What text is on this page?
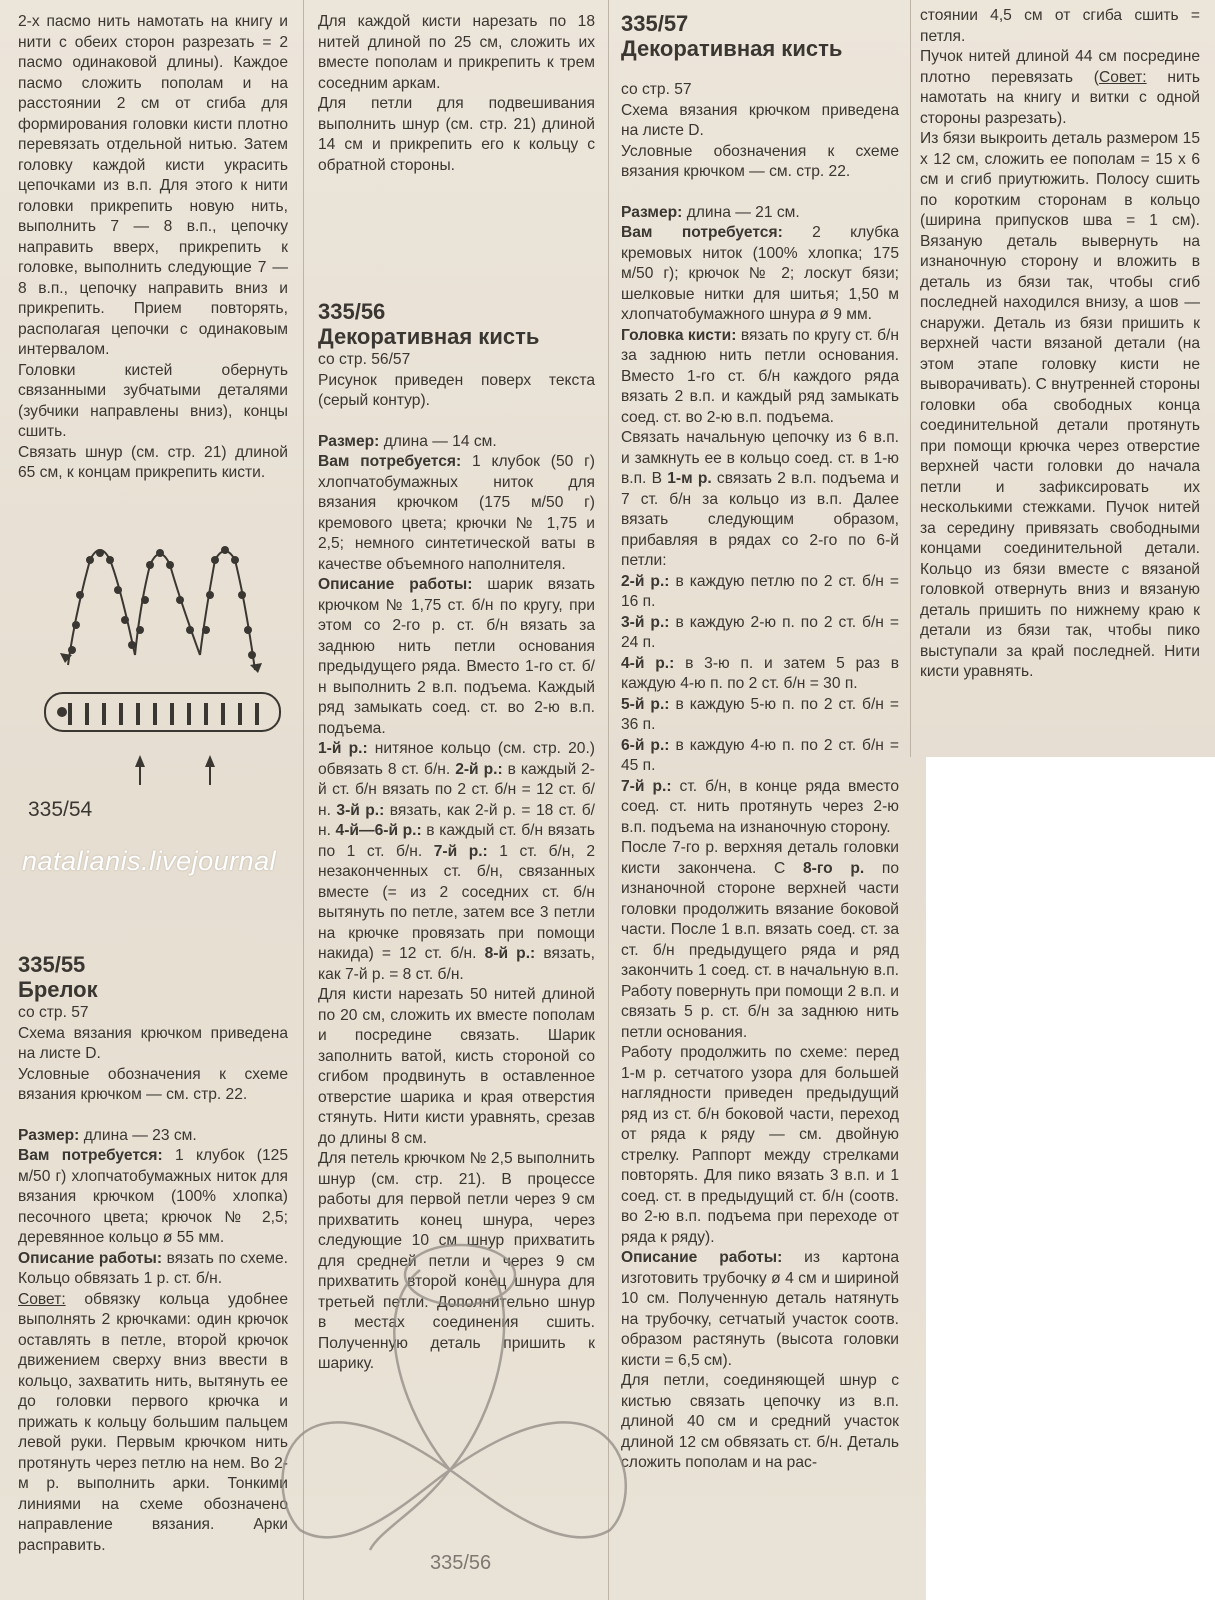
2-х пасмо нить намотать на книгу и нити с обеих сторон разрезать = 2 пасмо одинаковой длины). Каждое пасмо сложить пополам и на расстоянии 2 см от сгиба для формирования головки кисти плотно перевязать отдельной нитью. Затем головку каждой кисти украсить цепочками из в.п. Для этого к нити головки прикрепить новую нить, выполнить 7 — 8 в.п., цепочку направить вверх, прикрепить к головке, выполнить следующие 7 — 8 в.п., цепочку направить вниз и прикрепить. Прием повторять, располагая цепочки с одинаковым интервалом.

Головки кистей обернуть связанными зубчатыми деталями (зубчики направлены вниз), концы сшить.

Связать шнур (см. стр. 21) длиной 65 см, к концам прикрепить кисти.

335/54
natalianis.livejournal

335/55

Брелок

со стр. 57

Схема вязания крючком приведена на листе D.

Условные обозначения к схеме вязания крючком — см. стр. 22.

Размер: длина — 23 см.

Вам потребуется: 1 клубок (125 м/50 г) хлопчатобумажных ниток для вязания крючком (100% хлопка) песочного цвета; крючок № 2,5; деревянное кольцо ø 55 мм.

Описание работы: вязать по схеме. Кольцо обвязать 1 р. ст. б/н.

Совет: обвязку кольца удобнее выполнять 2 крючками: один крючок оставлять в петле, второй крючок движением сверху вниз ввести в кольцо, захватить нить, вытянуть ее до головки первого крючка и прижать к кольцу большим пальцем левой руки. Первым крючком нить протянуть через петлю на нем. Во 2-м р. выполнить арки. Тонкими линиями на схеме обозначено направление вязания. Арки расправить.

Для каждой кисти нарезать по 18 нитей длиной по 25 см, сложить их вместе пополам и прикрепить к трем соседним аркам.

Для петли для подвешивания выполнить шнур (см. стр. 21) длиной 14 см и прикрепить его к кольцу с обратной стороны.

335/56

Декоративная кисть

со стр. 56/57

Рисунок приведен поверх текста (серый контур).

Размер: длина — 14 см.

Вам потребуется: 1 клубок (50 г) хлопчатобумажных ниток для вязания крючком (175 м/50 г) кремового цвета; крючки № 1,75 и 2,5; немного синтетической ваты в качестве объемного наполнителя.

Описание работы: шарик вязать крючком № 1,75 ст. б/н по кругу, при этом со 2-го р. ст. б/н вязать за заднюю нить петли основания предыдущего ряда. Вместо 1-го ст. б/н выполнить 2 в.п. подъема. Каждый ряд замыкать соед. ст. во 2-ю в.п. подъема.

1-й р.: нитяное кольцо (см. стр. 20.) обвязать 8 ст. б/н. 2-й р.: в каждый 2-й ст. б/н вязать по 2 ст. б/н = 12 ст. б/н. 3-й р.: вязать, как 2-й р. = 18 ст. б/н. 4-й—6-й р.: в каждый ст. б/н вязать по 1 ст. б/н. 7-й р.: 1 ст. б/н, 2 незаконченных ст. б/н, связанных вместе (= из 2 соседних ст. б/н вытянуть по петле, затем все 3 петли на крючке провязать при помощи накида) = 12 ст. б/н. 8-й р.: вязать, как 7-й р. = 8 ст. б/н.

Для кисти нарезать 50 нитей длиной по 20 см, сложить их вместе пополам и посредине связать. Шарик заполнить ватой, кисть стороной со сгибом продвинуть в оставленное отверстие шарика и края отверстия стянуть. Нити кисти уравнять, срезав до длины 8 см.

Для петель крючком № 2,5 выполнить шнур (см. стр. 21). В процессе работы для первой петли через 9 см прихватить конец шнура, через следующие 10 см шнур прихватить для средней петли и через 9 см прихватить второй конец шнура для третьей петли. Дополнительно шнур в местах соединения сшить. Полученную деталь пришить к шарику.

335/57

Декоративная кисть

со стр. 57

Схема вязания крючком приведена на листе D.

Условные обозначения к схеме вязания крючком — см. стр. 22.

Размер: длина — 21 см.

Вам потребуется: 2 клубка кремовых ниток (100% хлопка; 175 м/50 г); крючок № 2; лоскут бязи; шелковые нитки для шитья; 1,50 м хлопчатобумажного шнура ø 9 мм.

Головка кисти: вязать по кругу ст. б/н за заднюю нить петли основания. Вместо 1-го ст. б/н каждого ряда вязать 2 в.п. и каждый ряд замыкать соед. ст. во 2-ю в.п. подъема.

Связать начальную цепочку из 6 в.п. и замкнуть ее в кольцо соед. ст. в 1-ю в.п. В 1-м р. связать 2 в.п. подъема и 7 ст. б/н за кольцо из в.п. Далее вязать следующим образом, прибавляя в рядах со 2-го по 6-й петли:

2-й р.: в каждую петлю по 2 ст. б/н = 16 п.

3-й р.: в каждую 2-ю п. по 2 ст. б/н = 24 п.

4-й р.: в 3-ю п. и затем 5 раз в каждую 4-ю п. по 2 ст. б/н = 30 п.

5-й р.: в каждую 5-ю п. по 2 ст. б/н = 36 п.

6-й р.: в каждую 4-ю п. по 2 ст. б/н = 45 п.

7-й р.: ст. б/н, в конце ряда вместо соед. ст. нить протянуть через 2-ю в.п. подъема на изнаночную сторону.

После 7-го р. верхняя деталь головки кисти закончена. С 8-го р. по изнаночной стороне верхней части головки продолжить вязание боковой части. После 1 в.п. вязать соед. ст. за ст. б/н предыдущего ряда и ряд закончить 1 соед. ст. в начальную в.п. Работу повернуть при помощи 2 в.п. и связать 5 р. ст. б/н за заднюю нить петли основания.

Работу продолжить по схеме: перед 1-м р. сетчатого узора для большей наглядности приведен предыдущий ряд из ст. б/н боковой части, переход от ряда к ряду — см. двойную стрелку. Раппорт между стрелками повторять. Для пико вязать 3 в.п. и 1 соед. ст. в предыдущий ст. б/н (соотв. во 2-ю в.п. подъема при переходе от ряда к ряду).

Описание работы: из картона изготовить трубочку ø 4 см и шириной 10 см. Полученную деталь натянуть на трубочку, сетчатый участок соотв. образом растянуть (высота головки кисти = 6,5 см).

Для петли, соединяющей шнур с кистью связать цепочку из в.п. длиной 40 см и средний участок длиной 12 см обвязать ст. б/н. Деталь сложить пополам и на рас-

стоянии 4,5 см от сгиба сшить = петля.

Пучок нитей длиной 44 см посредине плотно перевязать (Совет: нить намотать на книгу и витки с одной стороны разрезать).

Из бязи выкроить деталь размером 15 х 12 см, сложить ее пополам = 15 х 6 см и сгиб приутюжить. Полосу сшить по коротким сторонам в кольцо (ширина припусков шва = 1 см). Вязаную деталь вывернуть на изнаночную сторону и вложить в деталь из бязи так, чтобы сгиб последней находился внизу, а шов — снаружи. Деталь из бязи пришить к верхней части вязаной детали (на этом этапе головку кисти не выворачивать). С внутренней стороны головки оба свободных конца соединительной детали протянуть при помощи крючка через отверстие верхней части головки до начала петли и зафиксировать их несколькими стежками. Пучок нитей за середину привязать свободными концами соединительной детали. Кольцо из бязи вместе с вязаной головкой отвернуть вниз и вязаную деталь пришить по нижнему краю к детали из бязи так, чтобы пико выступали за край последней. Нити кисти уравнять.

335/56
